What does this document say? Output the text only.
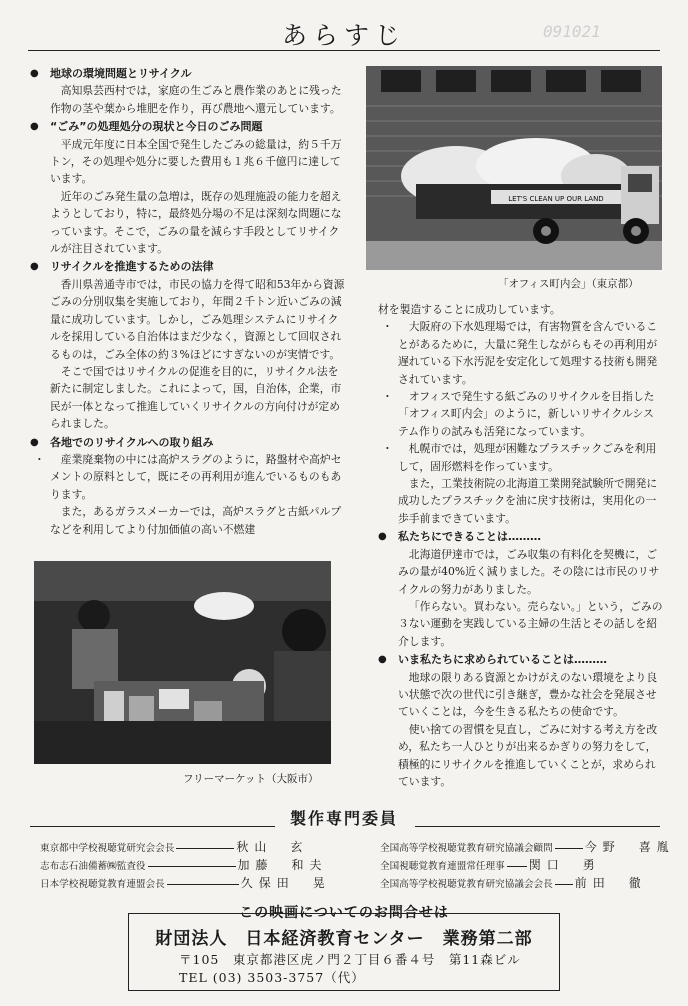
あらすじ	091021
● 地球の環境問題とリサイクル

高知県芸西村では，家庭の生ごみと農作業のあとに残った作物の茎や葉から堆肥を作り，再び農地へ還元しています。

● “ごみ”の処理処分の現状と今日のごみ問題

平成元年度に日本全国で発生したごみの総量は，約５千万トン，その処理や処分に要した費用も１兆６千億円に達しています。

近年のごみ発生量の急増は，既存の処理施設の能力を超えようとしており，特に，最終処分場の不足は深刻な問題になっています。そこで，ごみの量を減らす手段としてリサイクルが注目されています。

● リサイクルを推進するための法律

香川県善通寺市では，市民の協力を得て昭和53年から資源ごみの分別収集を実施しており，年間２千トン近いごみの減量に成功しています。しかし，ごみ処理システムにリサイクルを採用している自治体はまだ少なく，資源として回収されるものは，ごみ全体の約３%ほどにすぎないのが実情です。

そこで国ではリサイクルの促進を目的に，リサイクル法を新たに制定しました。これによって，国，自治体，企業，市民が一体となって推進していくリサイクルの方向付けが定められました。

● 各地でのリサイクルへの取り組み

・ 産業廃棄物の中には高炉スラグのように，路盤材や高炉セメントの原料として，既にその再利用が進んでいるものもあります。

また，あるガラスメーカーでは，高炉スラグと古紙パルプなどを利用してより付加価値の高い不燃建

LET'S CLEAN UP OUR LAND
「オフィス町内会」（東京都）
フリーマーケット（大阪市）

材を製造することに成功しています。

・ 大阪府の下水処理場では，有害物質を含んでいることがあるために，大量に発生しながらもその再利用が遅れている下水汚泥を安定化して処理する技術も開発されています。

・ オフィスで発生する紙ごみのリサイクルを目指した「オフィス町内会」のように，新しいリサイクルシステム作りの試みも活発になっています。

・ 札幌市では，処理が困難なプラスチックごみを利用して，固形燃料を作っています。

また，工業技術院の北海道工業開発試験所で開発に成功したプラスチックを油に戻す技術は，実用化の一歩手前まできています。

● 私たちにできることは………

北海道伊達市では，ごみ収集の有料化を契機に，ごみの量が40%近く減りました。その陰には市民のリサイクルの努力がありました。

「作らない。買わない。売らない。」という，ごみの３ない運動を実践している主婦の生活とその話しを紹介します。

● いま私たちに求められていることは………

地球の限りある資源とかけがえのない環境をより良い状態で次の世代に引き継ぎ，豊かな社会を発展させていくことは，今を生きる私たちの使命です。

使い捨ての習慣を見直し，ごみに対する考え方を改め，私たち一人ひとりが出来るかぎりの努力をして，積極的にリサイクルを推進していくことが，求められています。

製作専門委員
東京都中学校視聴覚研究会会長	秋山　玄
志布志石油備蓄㈱監査役	加藤　和夫
日本学校視聴覚教育連盟会長	久保田　晃
全国高等学校視聴覚教育研究協議会顧問	今野　喜胤
全国視聴覚教育連盟常任理事 関口　勇
全国高等学校視聴覚教育研究協議会会長 前田　徹
この映画についてのお問合せは
財団法人　日本経済教育センター　業務第二部
〒105　東京都港区虎ノ門２丁目６番４号　第11森ビル
TEL (03) 3503-3757（代）
